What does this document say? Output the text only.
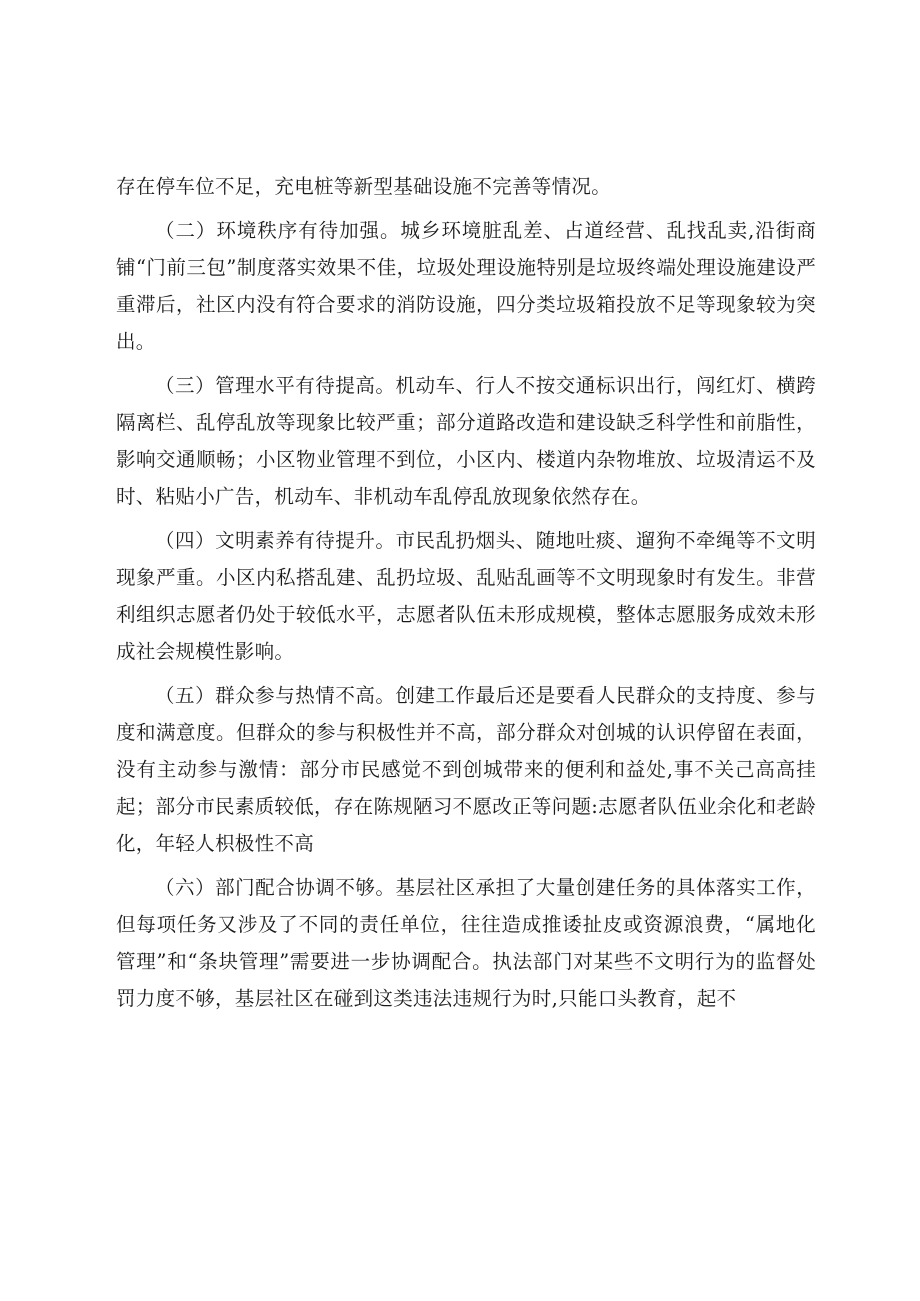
存在停车位不足，充电桩等新型基础设施不完善等情况。

（二）环境秩序有待加强。城乡环境脏乱差、占道经营、乱找乱卖,沿街商铺“门前三包”制度落实效果不佳，垃圾处理设施特别是垃圾终端处理设施建设严重滞后，社区内没有符合要求的消防设施，四分类垃圾箱投放不足等现象较为突出。

（三）管理水平有待提高。机动车、行人不按交通标识出行，闯红灯、横跨隔离栏、乱停乱放等现象比较严重；部分道路改造和建设缺乏科学性和前脂性，影响交通顺畅；小区物业管理不到位，小区内、楼道内杂物堆放、垃圾清运不及时、粘贴小广告，机动车、非机动车乱停乱放现象依然存在。

（四）文明素养有待提升。市民乱扔烟头、随地吐痰、遛狗不牵绳等不文明现象严重。小区内私搭乱建、乱扔垃圾、乱贴乱画等不文明现象时有发生。非营利组织志愿者仍处于较低水平，志愿者队伍未形成规模，整体志愿服务成效未形成社会规模性影响。

（五）群众参与热情不高。创建工作最后还是要看人民群众的支持度、参与度和满意度。但群众的参与积极性并不高，部分群众对创城的认识停留在表面，没有主动参与激情：部分市民感觉不到创城带来的便利和益处,事不关己高高挂起；部分市民素质较低，存在陈规陋习不愿改正等问题:志愿者队伍业余化和老龄化，年轻人枳极性不高

（六）部门配合协调不够。基层社区承担了大量创建任务的具体落实工作，但每项任务又涉及了不同的责任单位，往往造成推诿扯皮或资源浪费，“属地化管理”和“条块管理”需要进一步协调配合。执法部门对某些不文明行为的监督处罚力度不够，基层社区在碰到这类违法违规行为时,只能口头教育，起不
